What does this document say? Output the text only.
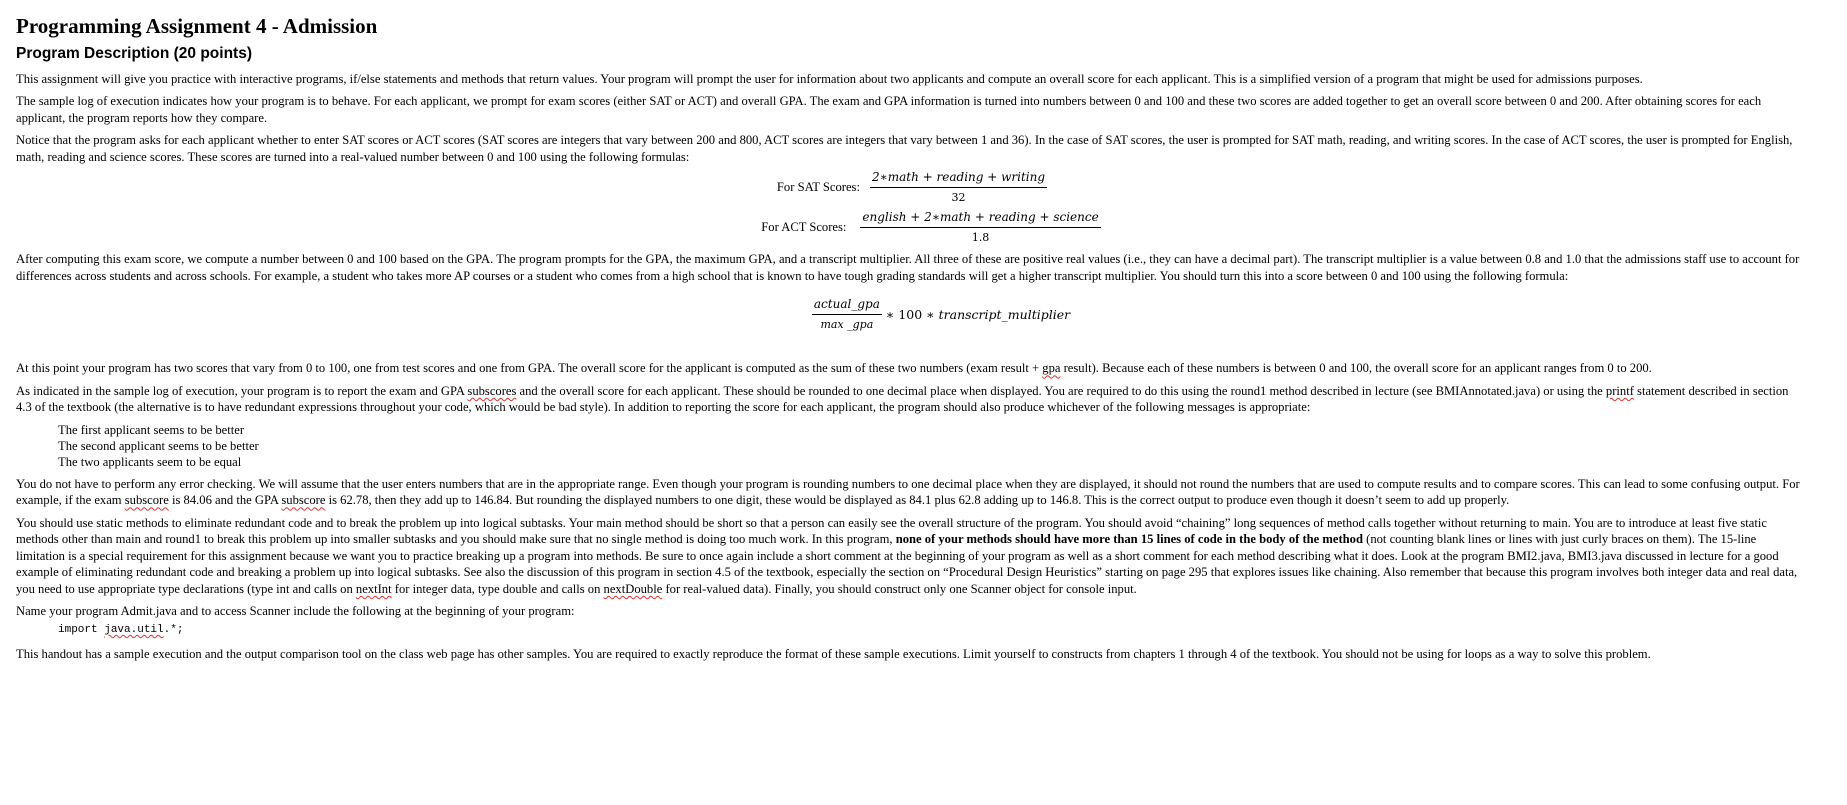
Programming Assignment 4 - Admission
Program Description (20 points)

This assignment will give you practice with interactive programs, if/else statements and methods that return values. Your program will prompt the user for information about two applicants and compute an overall score for each applicant. This is a simplified version of a program that might be used for admissions purposes.

The sample log of execution indicates how your program is to behave. For each applicant, we prompt for exam scores (either SAT or ACT) and overall GPA. The exam and GPA information is turned into numbers between 0 and 100 and these two scores are added together to get an overall score between 0 and 200. After obtaining scores for each applicant, the program reports how they compare.

Notice that the program asks for each applicant whether to enter SAT scores or ACT scores (SAT scores are integers that vary between 200 and 800, ACT scores are integers that vary between 1 and 36). In the case of SAT scores, the user is prompted for SAT math, reading, and writing scores. In the case of ACT scores, the user is prompted for English, math, reading and science scores. These scores are turned into a real-valued number between 0 and 100 using the following formulas:

For SAT Scores: $\frac{\text{2∗math + reading + writing}}{32}$
For ACT Scores: $\frac{\text{english + 2∗math + reading + science}}{1.8}$

After computing this exam score, we compute a number between 0 and 100 based on the GPA. The program prompts for the GPA, the maximum GPA, and a transcript multiplier. All three of these are positive real values (i.e., they can have a decimal part). The transcript multiplier is a value between 0.8 and 1.0 that the admissions staff use to account for differences across students and across schools. For example, a student who takes more AP courses or a student who comes from a high school that is known to have tough grading standards will get a higher transcript multiplier. You should turn this into a score between 0 and 100 using the following formula:

$\frac{\text{actual\_gpa}}{\text{max \_gpa}}$ ∗ 100 ∗ transcript_multiplier

At this point your program has two scores that vary from 0 to 100, one from test scores and one from GPA. The overall score for the applicant is computed as the sum of these two numbers (exam result + gpa result). Because each of these numbers is between 0 and 100, the overall score for an applicant ranges from 0 to 200.

As indicated in the sample log of execution, your program is to report the exam and GPA subscores and the overall score for each applicant. These should be rounded to one decimal place when displayed. You are required to do this using the round1 method described in lecture (see BMIAnnotated.java) or using the printf statement described in section 4.3 of the textbook (the alternative is to have redundant expressions throughout your code, which would be bad style). In addition to reporting the score for each applicant, the program should also produce whichever of the following messages is appropriate:

The first applicant seems to be better
The second applicant seems to be better
The two applicants seem to be equal

You do not have to perform any error checking. We will assume that the user enters numbers that are in the appropriate range. Even though your program is rounding numbers to one decimal place when they are displayed, it should not round the numbers that are used to compute results and to compare scores. This can lead to some confusing output. For example, if the exam subscore is 84.06 and the GPA subscore is 62.78, then they add up to 146.84. But rounding the displayed numbers to one digit, these would be displayed as 84.1 plus 62.8 adding up to 146.8. This is the correct output to produce even though it doesn’t seem to add up properly.

You should use static methods to eliminate redundant code and to break the problem up into logical subtasks. Your main method should be short so that a person can easily see the overall structure of the program. You should avoid “chaining” long sequences of method calls together without returning to main. You are to introduce at least five static methods other than main and round1 to break this problem up into smaller subtasks and you should make sure that no single method is doing too much work. In this program, none of your methods should have more than 15 lines of code in the body of the method (not counting blank lines or lines with just curly braces on them). The 15-line limitation is a special requirement for this assignment because we want you to practice breaking up a program into methods. Be sure to once again include a short comment at the beginning of your program as well as a short comment for each method describing what it does. Look at the program BMI2.java, BMI3.java discussed in lecture for a good example of eliminating redundant code and breaking a problem up into logical subtasks. See also the discussion of this program in section 4.5 of the textbook, especially the section on “Procedural Design Heuristics” starting on page 295 that explores issues like chaining. Also remember that because this program involves both integer data and real data, you need to use appropriate type declarations (type int and calls on nextInt for integer data, type double and calls on nextDouble for real-valued data). Finally, you should construct only one Scanner object for console input.

Name your program Admit.java and to access Scanner include the following at the beginning of your program:

import java.util.*;

This handout has a sample execution and the output comparison tool on the class web page has other samples. You are required to exactly reproduce the format of these sample executions. Limit yourself to constructs from chapters 1 through 4 of the textbook. You should not be using for loops as a way to solve this problem.
